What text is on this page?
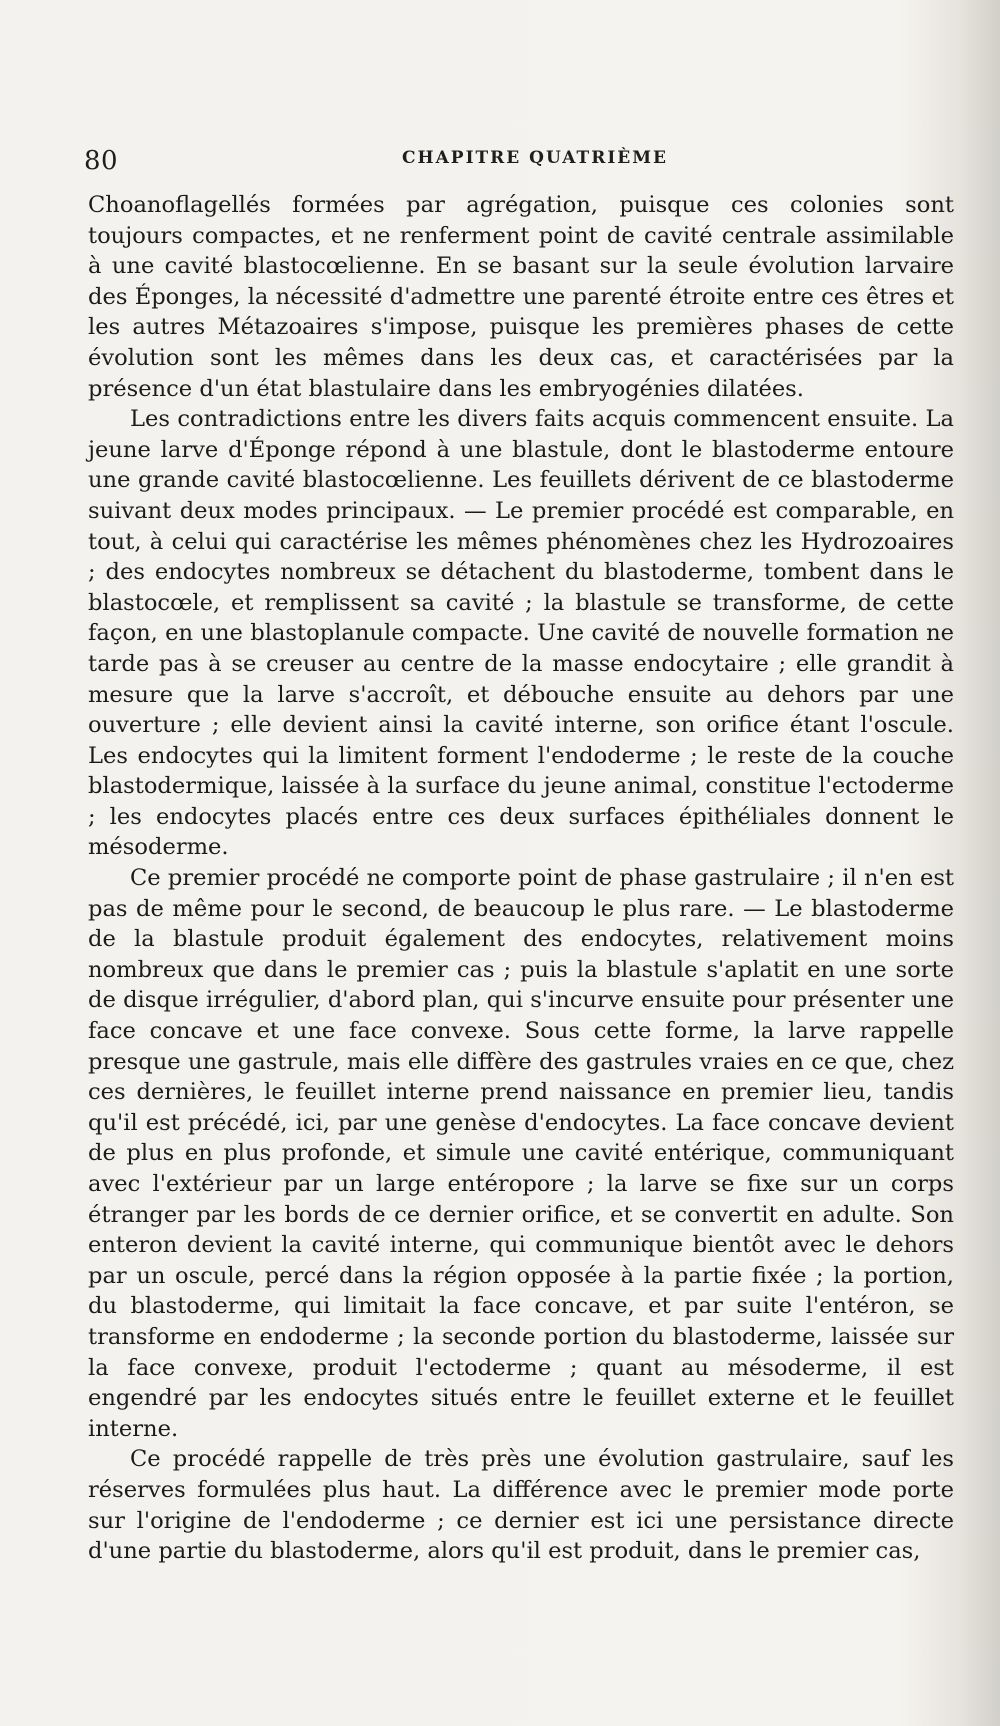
80	CHAPITRE QUATRIÈME

Choanoflagellés formées par agrégation, puisque ces colonies sont toujours compactes, et ne renferment point de cavité centrale assimilable à une cavité blastocœlienne. En se basant sur la seule évolution larvaire des Éponges, la nécessité d'admettre une parenté étroite entre ces êtres et les autres Métazoaires s'impose, puisque les premières phases de cette évolution sont les mêmes dans les deux cas, et caractérisées par la présence d'un état blastulaire dans les embryogénies dilatées.

Les contradictions entre les divers faits acquis commencent ensuite. La jeune larve d'Éponge répond à une blastule, dont le blastoderme entoure une grande cavité blastocœlienne. Les feuillets dérivent de ce blastoderme suivant deux modes principaux. — Le premier procédé est comparable, en tout, à celui qui caractérise les mêmes phénomènes chez les Hydrozoaires ; des endocytes nombreux se détachent du blastoderme, tombent dans le blastocœle, et remplissent sa cavité ; la blastule se transforme, de cette façon, en une blastoplanule compacte. Une cavité de nouvelle formation ne tarde pas à se creuser au centre de la masse endocytaire ; elle grandit à mesure que la larve s'accroît, et débouche ensuite au dehors par une ouverture ; elle devient ainsi la cavité interne, son orifice étant l'oscule. Les endocytes qui la limitent forment l'endoderme ; le reste de la couche blastodermique, laissée à la surface du jeune animal, constitue l'ectoderme ; les endocytes placés entre ces deux surfaces épithéliales donnent le mésoderme.

Ce premier procédé ne comporte point de phase gastrulaire ; il n'en est pas de même pour le second, de beaucoup le plus rare. — Le blastoderme de la blastule produit également des endocytes, relativement moins nombreux que dans le premier cas ; puis la blastule s'aplatit en une sorte de disque irrégulier, d'abord plan, qui s'incurve ensuite pour présenter une face concave et une face convexe. Sous cette forme, la larve rappelle presque une gastrule, mais elle diffère des gastrules vraies en ce que, chez ces dernières, le feuillet interne prend naissance en premier lieu, tandis qu'il est précédé, ici, par une genèse d'endocytes. La face concave devient de plus en plus profonde, et simule une cavité entérique, communiquant avec l'extérieur par un large entéropore ; la larve se fixe sur un corps étranger par les bords de ce dernier orifice, et se convertit en adulte. Son enteron devient la cavité interne, qui communique bientôt avec le dehors par un oscule, percé dans la région opposée à la partie fixée ; la portion, du blastoderme, qui limitait la face concave, et par suite l'entéron, se transforme en endoderme ; la seconde portion du blastoderme, laissée sur la face convexe, produit l'ectoderme ; quant au mésoderme, il est engendré par les endocytes situés entre le feuillet externe et le feuillet interne.

Ce procédé rappelle de très près une évolution gastrulaire, sauf les réserves formulées plus haut. La différence avec le premier mode porte sur l'origine de l'endoderme ; ce dernier est ici une persistance directe d'une partie du blastoderme, alors qu'il est produit, dans le premier cas,
